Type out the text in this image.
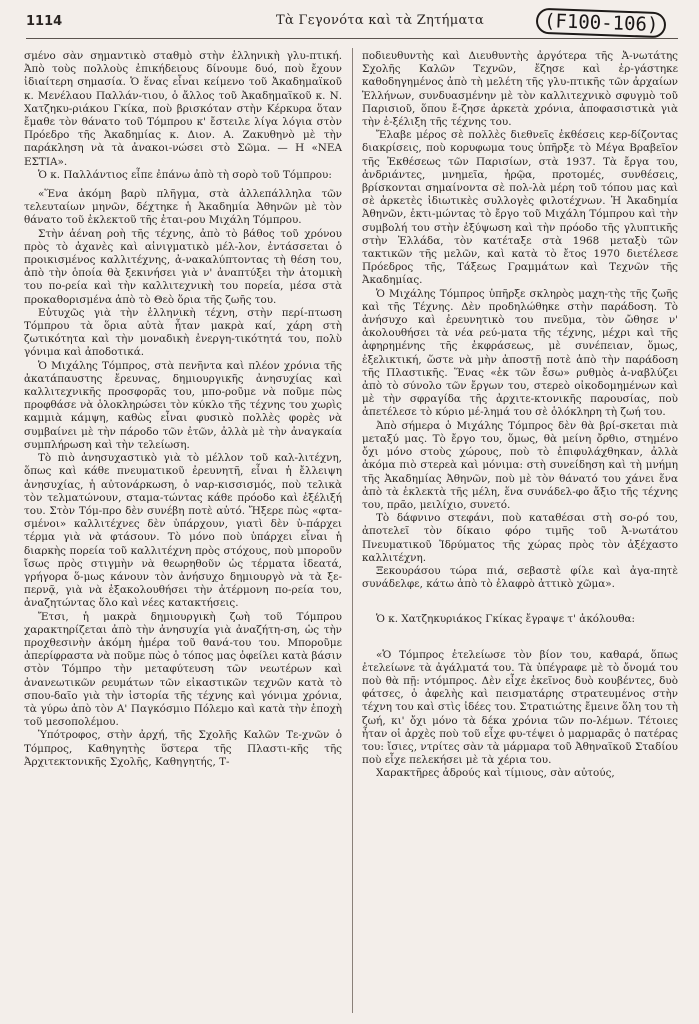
1114	Τὰ Γεγονότα καὶ τὰ Ζητήματα	(F100-106)

σμένο σὰν σημαντικὸ σταθμὸ στὴν ἑλληνικὴ γλυ-πτική. Ἀπὸ τοὺς πολλοὺς ἐπικήδειους δίνουμε δυό, ποὺ ἔχουν ἰδιαίτερη σημασία. Ὁ ἕνας εἶναι κείμενο τοῦ Ἀκαδημαϊκοῦ κ. Μενέλαου Παλλάν-τιου, ὁ ἄλλος τοῦ Ἀκαδημαϊκοῦ κ. Ν. Χατζηκυ-ριάκου Γκίκα, ποὺ βρισκόταν στὴν Κέρκυρα ὅταν ἔμαθε τὸν θάνατο τοῦ Τόμπρου κ' ἔστειλε λίγα λόγια στὸν Πρόεδρο τῆς Ἀκαδημίας κ. Διον. Α. Ζακυθηνὸ μὲ τὴν παράκληση νὰ τὰ ἀνακοι-νώσει στὸ Σῶμα. — Η «ΝΕΑ ΕΣΤΙΑ».

Ὁ κ. Παλλάντιος εἶπε ἐπάνω ἀπὸ τὴ σορὸ τοῦ Τόμπρου:

«Ἕνα ἀκόμη βαρὺ πλῆγμα, στὰ ἀλλεπάλληλα τῶν τελευταίων μηνῶν, δέχτηκε ἡ Ἀκαδημία Ἀθηνῶν μὲ τὸν θάνατο τοῦ ἐκλεκτοῦ τῆς ἑται-ρου Μιχάλη Τόμπρου.

Στὴν ἀέναη ροὴ τῆς τέχνης, ἀπὸ τὸ βάθος τοῦ χρόνου πρὸς τὸ ἀχανὲς καὶ αἰνιγματικὸ μέλ-λον, ἐντάσσεται ὁ προικισμένος καλλιτέχνης, ἀ-νακαλύπτοντας τὴ θέση του, ἀπὸ τὴν ὁποία θὰ ξεκινήσει γιὰ ν' ἀναπτύξει τὴν ἀτομικὴ του πο-ρεία καὶ τὴν καλλιτεχνικὴ του πορεία, μέσα στὰ προκαθορισμένα ἀπὸ τὸ Θεὸ ὅρια τῆς ζωῆς του.

Εὐτυχῶς γιὰ τὴν ἑλληνικὴ τέχνη, στὴν περί-πτωση Τόμπρου τὰ ὅρια αὐτὰ ἦταν μακρὰ καί, χάρη στὴ ζωτικότητα καὶ τὴν μοναδικὴ ἐνεργη-τικότητά του, πολὺ γόνιμα καὶ ἀποδοτικά.

Ὁ Μιχάλης Τόμπρος, στὰ πενῆντα καὶ πλέον χρόνια τῆς ἀκατάπαυστης ἔρευνας, δημιουργικῆς ἀνησυχίας καὶ καλλιτεχνικῆς προσφορᾶς του, μπο-ροῦμε νὰ ποῦμε πὼς προφθάσε νὰ ὁλοκληρώσει τὸν κύκλο τῆς τέχνης του χωρὶς καμμιὰ κάμψη, καθὼς εἶναι φυσικὸ πολλὲς φορὲς νὰ συμβαίνει μὲ τὴν πάροδο τῶν ἐτῶν, ἀλλὰ μὲ τὴν ἀναγκαία συμπλήρωση καὶ τὴν τελείωση.

Τὸ πιὸ ἀνησυχαστικὸ γιὰ τὸ μέλλον τοῦ καλ-λιτέχνη, ὅπως καὶ κάθε πνευματικοῦ ἐρευνητῆ, εἶναι ἡ ἔλλειψη ἀνησυχίας, ἡ αὐτονάρκωση, ὁ ναρ-κισσισμός, ποὺ τελικὰ τὸν τελματώνουν, σταμα-τώντας κάθε πρόοδο καὶ ἐξέλιξή του. Στὸν Τόμ-προ δὲν συνέβη ποτὲ αὐτό. Ἤξερε πὼς «φτα-σμένοι» καλλιτέχνες δὲν ὑπάρχουν, γιατὶ δὲν ὑ-πάρχει τέρμα γιὰ νὰ φτάσουν. Τὸ μόνο ποὺ ὑπάρχει εἶναι ἡ διαρκὴς πορεία τοῦ καλλιτέχνη πρὸς στόχους, ποὺ μποροῦν ἴσως πρὸς στιγμὴν νὰ θεωρηθοῦν ὡς τέρματα ἰδεατά, γρήγορα ὅ-μως κάνουν τὸν ἀνήσυχο δημιουργὸ νὰ τὰ ξε-περνᾷ, γιὰ νὰ ἐξακολουθήσει τὴν ἀτέρμονη πο-ρεία του, ἀναζητώντας ὅλο καὶ νέες κατακτήσεις.

Ἔτσι, ἡ μακρὰ δημιουργικὴ ζωὴ τοῦ Τόμπρου χαρακτηρίζεται ἀπὸ τὴν ἀνησυχία γιὰ ἀναζήτη-ση, ὡς τὴν προχθεσινὴν ἀκόμη ἡμέρα τοῦ θανά-του του. Μποροῦμε ἀπερίφραστα νὰ ποῦμε πὼς ὁ τόπος μας ὀφείλει κατὰ βάσιν στὸν Τόμπρο τὴν μεταφύτευση τῶν νεωτέρων καὶ ἀνανεωτικῶν ρευμάτων τῶν εἰκαστικῶν τεχνῶν κατὰ τὸ σπου-δαῖο γιὰ τὴν ἱστορία τῆς τέχνης καὶ γόνιμα χρόνια, τὰ γύρω ἀπὸ τὸν Α' Παγκόσμιο Πόλεμο καὶ κατὰ τὴν ἐποχὴ τοῦ μεσοπολέμου.

Ὑπότροφος, στὴν ἀρχή, τῆς Σχολῆς Καλῶν Τε-χνῶν ὁ Τόμπρος, Καθηγητὴς ὕστερα τῆς Πλαστι-κῆς τῆς Ἀρχιτεκτονικῆς Σχολῆς, Καθηγητής, Τ-

ποδιευθυντὴς καὶ Διευθυντὴς ἀργότερα τῆς Ἀ-νωτάτης Σχολῆς Καλῶν Τεχνῶν, ἔζησε καὶ ἐρ-γάστηκε καθοδηγημένος ἀπὸ τὴ μελέτη τῆς γλυ-πτικῆς τῶν ἀρχαίων Ἑλλήνων, συνδυασμένην μὲ τὸν καλλιτεχνικὸ σφυγμὸ τοῦ Παρισιοῦ, ὅπου ἔ-ζησε ἀρκετὰ χρόνια, ἀποφασιστικὰ γιὰ τὴν ἐ-ξέλιξη τῆς τέχνης του.

Ἔλαβε μέρος σὲ πολλὲς διεθνεῖς ἐκθέσεις κερ-δίζοντας διακρίσεις, ποὺ κορυφωμα τους ὑπῆρξε τὸ Μέγα Βραβεῖον τῆς Ἐκθέσεως τῶν Παρισίων, στὰ 1937. Τὰ ἔργα του, ἀνδριάντες, μνημεῖα, ἡρῷα, προτομές, συνθέσεις, βρίσκονται σημαίνοντα σὲ πολ-λὰ μέρη τοῦ τόπου μας καὶ σὲ ἀρκετὲς ἰδιωτικὲς συλλογὲς φιλοτέχνων. Ἡ Ἀκαδημία Ἀθηνῶν, ἐκτι-μώντας τὸ ἔργο τοῦ Μιχάλη Τόμπρου καὶ τὴν συμβολή του στὴν ἐξύψωση καὶ τὴν πρόοδο τῆς γλυπτικῆς στὴν Ἑλλάδα, τὸν κατέταξε στὰ 1968 μεταξὺ τῶν τακτικῶν τῆς μελῶν, καὶ κατὰ τὸ ἔτος 1970 διετέλεσε Πρόεδρος τῆς, Τάξεως Γραμμάτων καὶ Τεχνῶν τῆς Ἀκαδημίας.

Ὁ Μιχάλης Τόμπρος ὑπῆρξε σκληρὸς μαχη-τὴς τῆς ζωῆς καὶ τῆς Τέχνης. Δὲν προδηλώθηκε στὴν παράδοση. Τὸ ἀνήσυχο καὶ ἐρευνητικὸ του πνεῦμα, τὸν ὤθησε ν' ἀκολουθήσει τὰ νέα ρεύ-ματα τῆς τέχνης, μέχρι καὶ τῆς ἀφηρημένης τῆς ἐκφράσεως, μὲ συνέπειαν, ὅμως, ἐξελικτική, ὥστε νὰ μὴν ἀποστῇ ποτὲ ἀπὸ τὴν παράδοση τῆς Πλαστικῆς. Ἕνας «ἐκ τῶν ἔσω» ρυθμὸς ἀ-ναβλύζει ἀπὸ τὸ σύνολο τῶν ἔργων του, στερεὸ οἰκοδομημένων καὶ μὲ τὴν σφραγίδα τῆς ἀρχιτε-κτονικῆς παρουσίας, ποὺ ἀπετέλεσε τὸ κύριο μέ-λημά του σὲ ὁλόκληρη τὴ ζωή του.

Ἀπὸ σήμερα ὁ Μιχάλης Τόμπρος δὲν θὰ βρί-σκεται πιὰ μεταξύ μας. Τὸ ἔργο του, ὅμως, θὰ μείνη ὄρθιο, στημένο ὄχι μόνο στοὺς χώρους, ποὺ τὸ ἐπιφυλάχθηκαν, ἀλλὰ ἀκόμα πιὸ στερεὰ καὶ μόνιμα: στὴ συνείδηση καὶ τὴ μνήμη τῆς Ἀκαδημίας Ἀθηνῶν, ποὺ μὲ τὸν θάνατό του χάνει ἕνα ἀπὸ τὰ ἐκλεκτὰ τῆς μέλη, ἕνα συνάδελ-φο ἄξιο τῆς τέχνης του, πρᾶο, μειλίχιο, συνετό.

Τὸ δάφνινο στεφάνι, ποὺ καταθέσαι στὴ σο-ρό του, ἀποτελεῖ τὸν δίκαιο φόρο τιμῆς τοῦ Ἀ-νωτάτου Πνευματικοῦ Ἱδρύματος τῆς χώρας πρὸς τὸν ἀξέχαστο καλλιτέχνη.

Ξεκουράσου τώρα πιά, σεβαστὲ φίλε καὶ ἀγα-πητὲ συνάδελφε, κάτω ἀπὸ τὸ ἐλαφρὸ ἀττικὸ χῶμα».

Ὁ κ. Χατζηκυριάκος Γκίκας ἔγραψε τ' ἀκόλουθα:

«Ὁ Τόμπρος ἐτελείωσε τὸν βίον του, καθαρά, ὅπως ἐτελείωνε τὰ ἀγάλματά του. Τὰ ὑπέγραφε μὲ τὸ ὄνομά του ποὺ θὰ πῇ: ντόμπρος. Δὲν εἶχε ἐκεῖνος δυὸ κουβέντες, δυὸ φάτσες, ὁ ἀφελὴς καὶ πεισματάρης στρατευμένος στὴν τέχνη του καὶ στὶς ἰδέες του. Στρατιώτης ἔμεινε ὅλη του τὴ ζωή, κι' ὄχι μόνο τὰ δέκα χρόνια τῶν πο-λέμων. Τέτοιες ἦταν οἱ ἀρχὲς ποὺ τοῦ εἶχε φυ-τέψει ὁ μαρμαρᾶς ὁ πατέρας του: ἴσιες, ντρίτες σὰν τὰ μάρμαρα τοῦ Ἀθηναϊκοῦ Σταδίου ποὺ εἶχε πελεκήσει μὲ τὰ χέρια του.

Χαρακτῆρες ἀδρούς καὶ τίμιους, σὰν αὐτούς,
